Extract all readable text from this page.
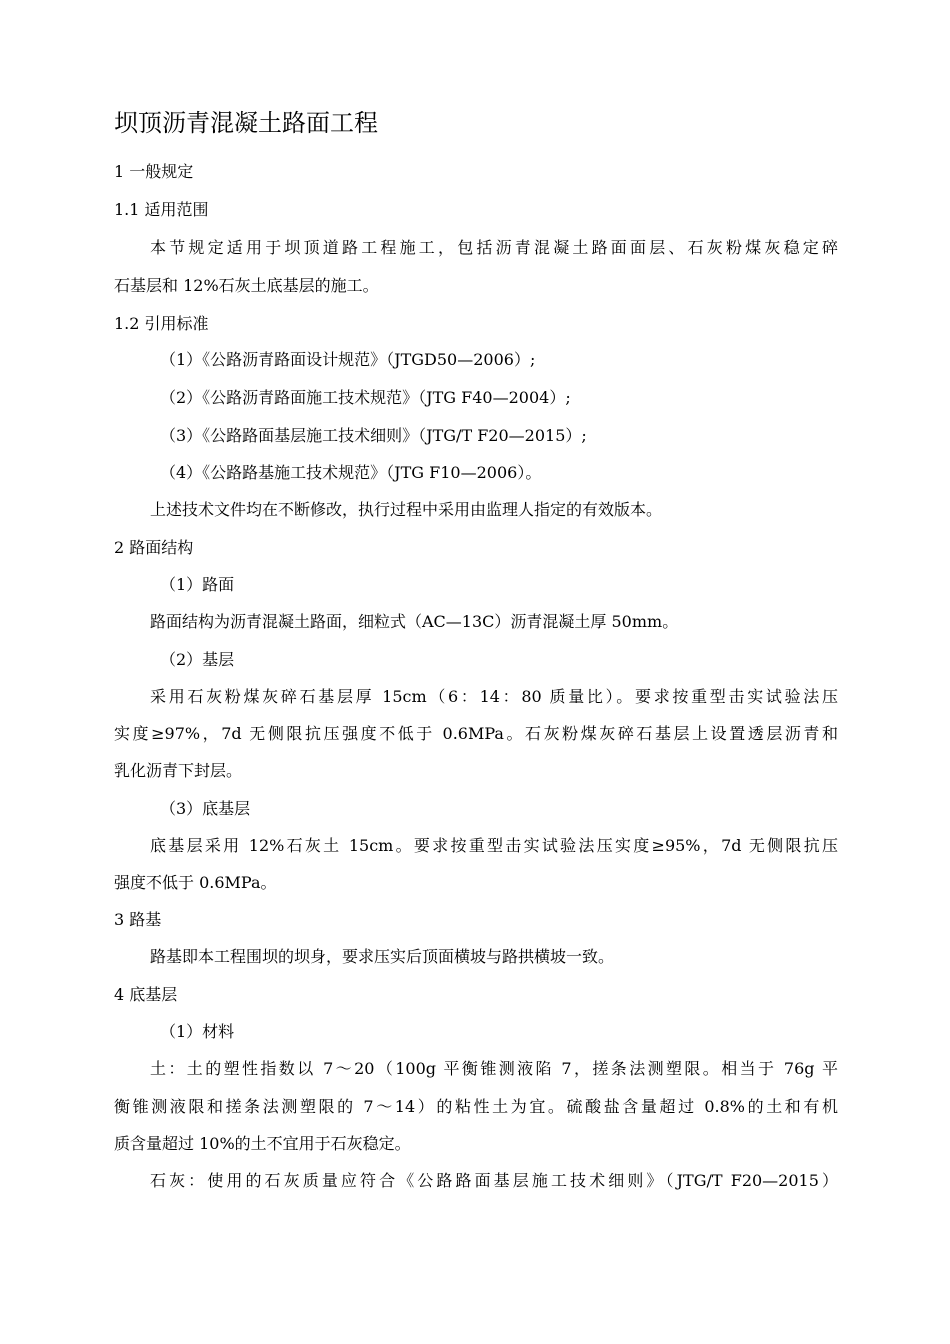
坝顶沥青混凝土路面工程
1 一般规定
1.1 适用范围
本节规定适用于坝顶道路工程施工，包括沥青混凝土路面面层、石灰粉煤灰稳定碎
石基层和 12%石灰土底基层的施工。
1.2 引用标准
（1）《公路沥青路面设计规范》（JTGD50—2006）;
（2）《公路沥青路面施工技术规范》（JTG F40—2004）;
（3）《公路路面基层施工技术细则》（JTG/T F20—2015）;
（4）《公路路基施工技术规范》（JTG F10—2006）。
上述技术文件均在不断修改，执行过程中采用由监理人指定的有效版本。
2 路面结构
（1）路面
路面结构为沥青混凝土路面，细粒式（AC—13C）沥青混凝土厚 50mm。
（2）基层
采用石灰粉煤灰碎石基层厚 15cm（6：14：80 质量比）。要求按重型击实试验法压
实度≥97%，7d 无侧限抗压强度不低于 0.6MPa。石灰粉煤灰碎石基层上设置透层沥青和
乳化沥青下封层。
（3）底基层
底基层采用 12%石灰土 15cm。要求按重型击实试验法压实度≥95%，7d 无侧限抗压
强度不低于 0.6MPa。
3 路基
路基即本工程围坝的坝身，要求压实后顶面横坡与路拱横坡一致。
4 底基层
（1）材料
土：土的塑性指数以 7～20（100g 平衡锥测液陷 7，搓条法测塑限。相当于 76g 平
衡锥测液限和搓条法测塑限的 7～14）的粘性土为宜。硫酸盐含量超过 0.8%的土和有机
质含量超过 10%的土不宜用于石灰稳定。
石灰：使用的石灰质量应符合《公路路面基层施工技术细则》（JTG/T F20—2015）
